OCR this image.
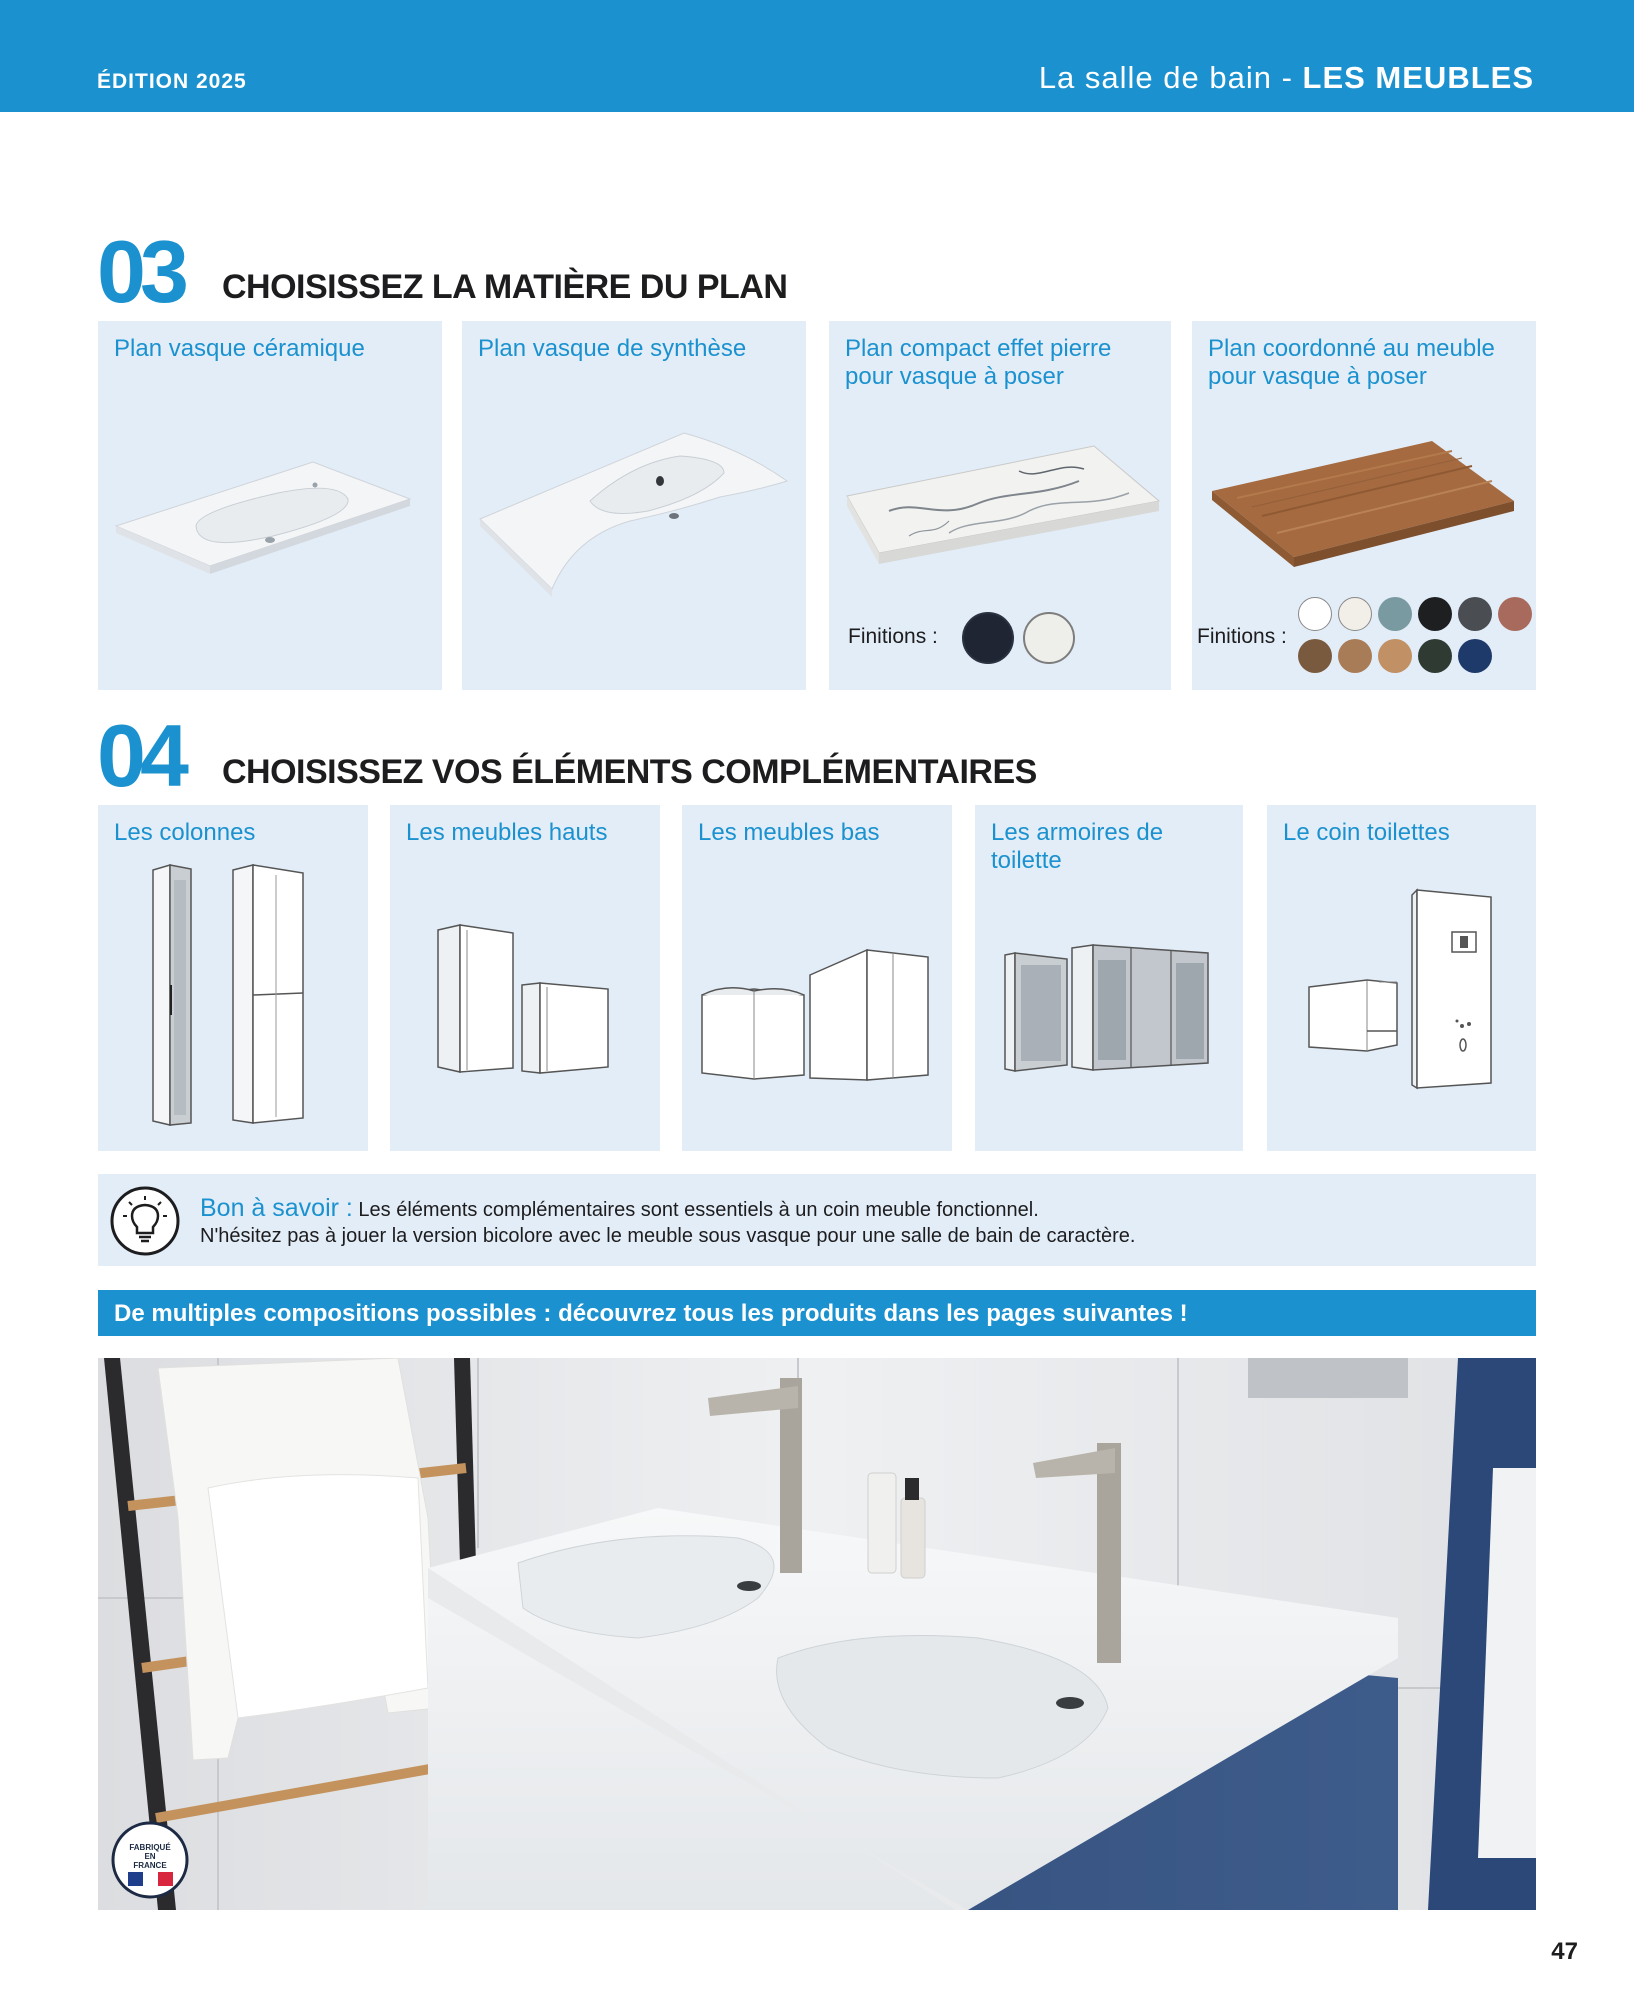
ÉDITION 2025	La salle de bain - LES MEUBLES
03 CHOISISSEZ LA MATIÈRE DU PLAN
Plan vasque céramique	Plan vasque de synthèse	Plan compact effet pierre pour vasque à poser
Finitions :
Plan coordonné au meuble pour vasque à poser
Finitions :
04 CHOISISSEZ VOS ÉLÉMENTS COMPLÉMENTAIRES
Les colonnes	Les meubles hauts	Les meubles bas	Les armoires de toilette
Le coin toilettes
Bon à savoir : Les éléments complémentaires sont essentiels à un coin meuble fonctionnel.
N'hésitez pas à jouer la version bicolore avec le meuble sous vasque pour une salle de bain de caractère.
De multiples compositions possibles : découvrez tous les produits dans les pages suivantes !
FABRIQUÉ
EN
FRANCE
47
